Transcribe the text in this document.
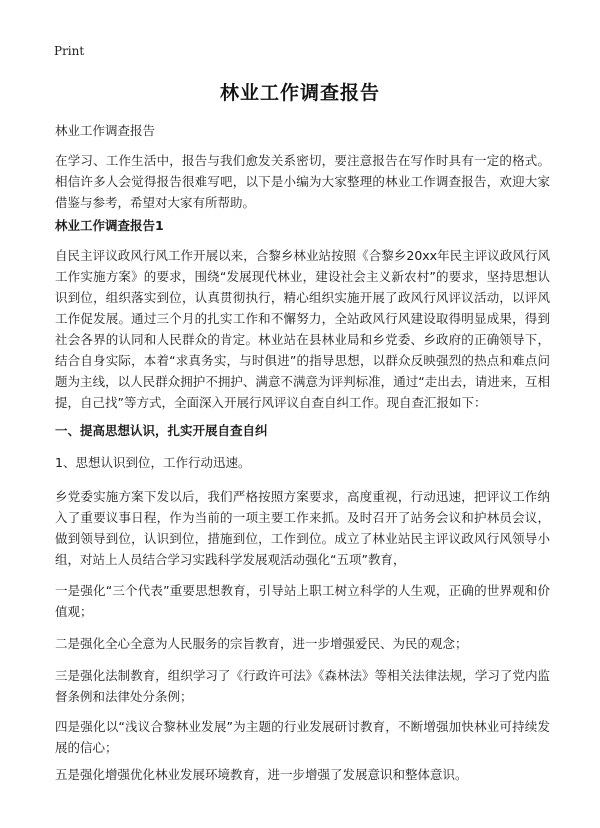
Print
林业工作调查报告
林业工作调查报告
在学习、工作生活中，报告与我们愈发关系密切，要注意报告在写作时具有一定的格式。相信许多人会觉得报告很难写吧，以下是小编为大家整理的林业工作调查报告，欢迎大家借鉴与参考，希望对大家有所帮助。
林业工作调查报告1
自民主评议政风行风工作开展以来，合黎乡林业站按照《合黎乡20xx年民主评议政风行风工作实施方案》的要求，围绕“发展现代林业，建设社会主义新农村”的要求，坚持思想认识到位，组织落实到位，认真贯彻执行，精心组织实施开展了政风行风评议活动，以评风工作促发展。通过三个月的扎实工作和不懈努力，全站政风行风建设取得明显成果，得到社会各界的认同和人民群众的肯定。林业站在县林业局和乡党委、乡政府的正确领导下，结合自身实际，本着“求真务实，与时俱进”的指导思想，以群众反映强烈的热点和难点问题为主线，以人民群众拥护不拥护、满意不满意为评判标准，通过“走出去，请进来，互相提，自己找”等方式，全面深入开展行风评议自查自纠工作。现自查汇报如下：
一、提高思想认识，扎实开展自查自纠
1、思想认识到位，工作行动迅速。
乡党委实施方案下发以后，我们严格按照方案要求，高度重视，行动迅速，把评议工作纳入了重要议事日程，作为当前的一项主要工作来抓。及时召开了站务会议和护林员会议，做到领导到位，认识到位，措施到位，工作到位。成立了林业站民主评议政风行风领导小组，对站上人员结合学习实践科学发展观活动强化“五项”教育，
一是强化“三个代表”重要思想教育，引导站上职工树立科学的人生观，正确的世界观和价值观；
二是强化全心全意为人民服务的宗旨教育，进一步增强爱民、为民的观念；
三是强化法制教育，组织学习了《行政许可法》《森林法》等相关法律法规，学习了党内监督条例和法律处分条例；
四是强化以“浅议合黎林业发展”为主题的行业发展研讨教育，不断增强加快林业可持续发展的信心；
五是强化增强优化林业发展环境教育，进一步增强了发展意识和整体意识。
